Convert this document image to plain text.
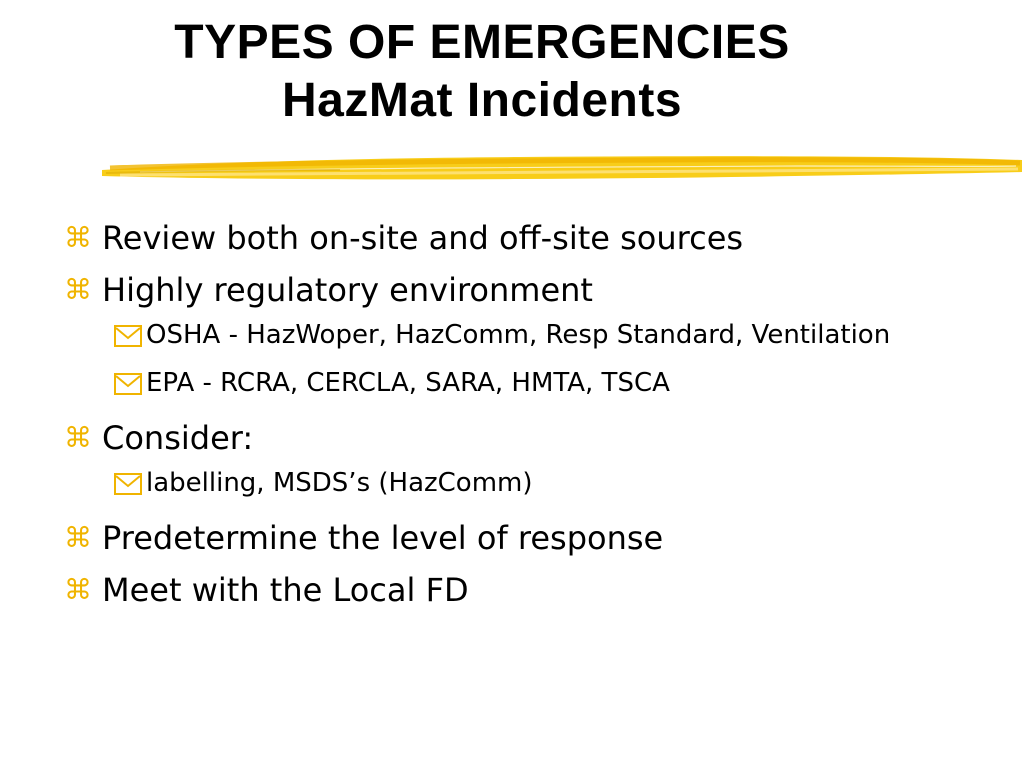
TYPES OF EMERGENCIES
HazMat Incidents
⌘ Review both on-site and off-site sources
⌘ Highly regulatory environment
OSHA - HazWoper, HazComm, Resp Standard, Ventilation
EPA - RCRA, CERCLA, SARA, HMTA, TSCA
⌘ Consider:
labelling, MSDS’s (HazComm)
⌘ Predetermine the level of response
⌘ Meet with the Local FD
